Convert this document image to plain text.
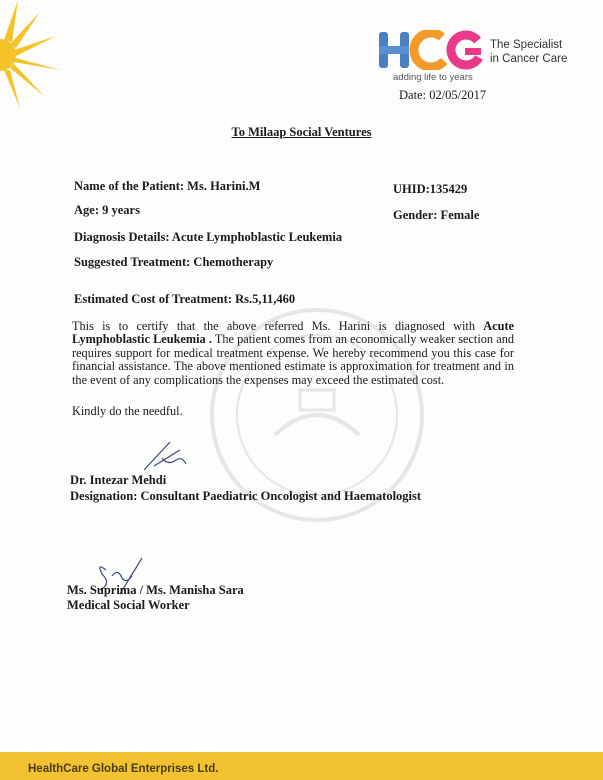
The Specialist
in Cancer Care
adding life to years
Date: 02/05/2017
To Milaap Social Ventures
Name of the Patient: Ms. Harini.M	UHID:135429
Age: 9 years	Gender: Female
Diagnosis Details: Acute Lymphoblastic Leukemia
Suggested Treatment: Chemotherapy
Estimated Cost of Treatment: Rs.5,11,460
This is to certify that the above referred Ms. Harini is diagnosed with Acute Lymphoblastic Leukemia . The patient comes from an economically weaker section and requires support for medical treatment expense. We hereby recommend you this case for financial assistance. The above mentioned estimate is approximation for treatment and in the event of any complications the expenses may exceed the estimated cost.
Kindly do the needful.
Dr. Intezar Mehdi
Designation: Consultant Paediatric Oncologist and Haematologist
Ms. Suprima / Ms. Manisha Sara
Medical Social Worker
HealthCare Global Enterprises Ltd.
